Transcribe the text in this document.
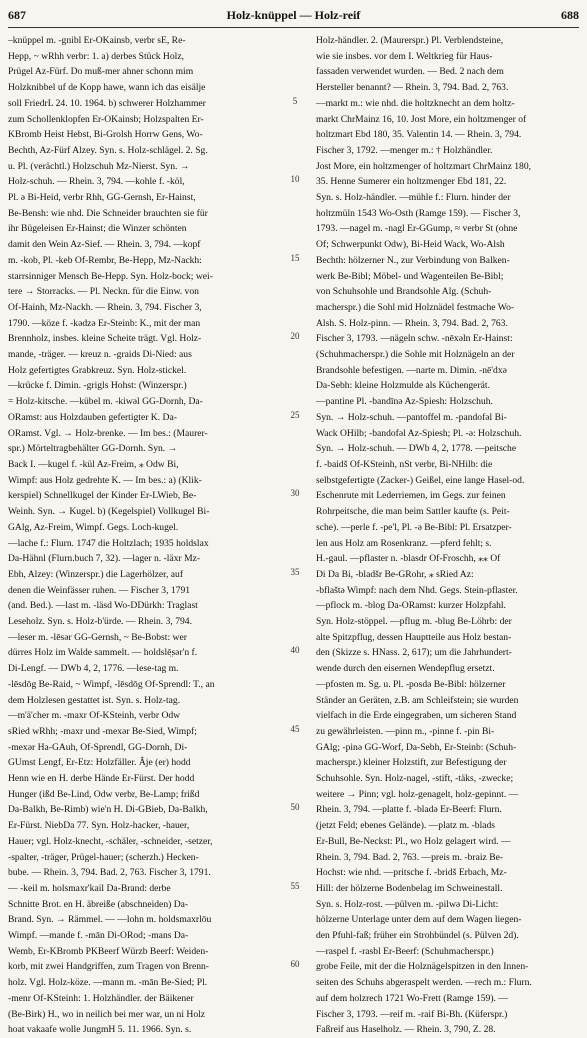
687	Holz-knüppel — Holz-reif	688
–knüppel m. -gnibl Er-OKainsb, verbr sE, Re-
Hepp, ~ wRhh verbr: 1. a) derbes Stück Holz,
Prügel Az-Fürf. Do muß-mer ahner schonn mim
Holzknibbel uf de Kopp hawe, wann ich das eisälje
soll FriedrL 24. 10. 1964. b) schwerer Holzhammer
zum Schollenklopfen Er-OKainsb; Holzspalten Er-
KBromb Heist Hebst, Bi-Grolsh Horrw Gens, Wo-
Bechth, Az-Fürf Alzey. Syn. s. Holz-schlägel. 2. Sg.
u. Pl. (verächtl.) Holzschuh Mz-Nierst. Syn. →
Holz-schuh. — Rhein. 3, 794. —kohle f. -köl,
Pl. ə Bi-Heid, verbr Rhh, GG-Gernsh, Er-Hainst,
Be-Bensh: wie nhd. Die Schneider brauchten sie für
ihr Bügeleisen Er-Hainst; die Winzer schönten
damit den Wein Az-Sief. — Rhein. 3, 794. —kopf
m. -kob, Pl. -keb Of-Rembr, Be-Hepp, Mz-Nackh:
starrsinniger Mensch Be-Hepp. Syn. Holz-bock; wei-
tere → Storracks. — Pl. Neckn. für die Einw. von
Of-Hainh, Mz-Nackh. — Rhein. 3, 794. Fischer 3,
1790. —köze f. -kədzə Er-Steinb: K., mit der man
Brennholz, insbes. kleine Scheite trägt. Vgl. Holz-
mande, -träger. — kreuz n. -graids Di-Nied: aus
Holz gefertigtes Grabkreuz. Syn. Holz-stickel.
—krücke f. Dimin. -grigls Hohst: (Winzerspr.)
= Holz-kitsche. —kübel m. -kiwəl GG-Dornh, Da-
ORamst: aus Holzdauben gefertigter K. Da-
ORamst. Vgl. → Holz-brenke. — Im bes.: (Maurer-
spr.) Mörteltragbehälter GG-Dornh. Syn. →
Back I. —kugel f. -kül Az-Freim, ⁎ Odw Bi,
Wimpf: aus Holz gedrehte K. — Im bes.: a) (Klik-
kerspiel) Schnellkugel der Kinder Er-LWieb, Be-
Weinh. Syn. → Kugel. b) (Kegelspiel) Vollkugel Bi-
GAlg, Az-Freim, Wimpf. Gegs. Loch-kugel.
—lache f.: Flurn. 1747 die Holtzlach; 1935 holdslax
Da-Hähnl (Flurn.buch 7, 32). —lager n. -läxr Mz-
Ebh, Alzey: (Winzerspr.) die Lagerhölzer, auf
denen die Weinfässer ruhen. — Fischer 3, 1791
(and. Bed.). —last m. -läsd Wo-DDürkh: Traglast
Leseholz. Syn. s. Holz-b'ürde. — Rhein. 3, 794.
—leser m. -lēsər GG-Gernsh, ~ Be-Bobst: wer
dürres Holz im Walde sammelt. — holdslē̤sər'n f.
Di-Lengf. — DWb 4, 2, 1776. —lese-tag m.
-lēsdōg Be-Raid, ~ Wimpf, -lēsdōg Of-Sprendl: T., an
dem Holzlesen gestattet ist. Syn. s. Holz-tag.
—m'ä'cher m. -maxr Of-KSteinh, verbr Odw
sRied wRhh; -maxr und -mexər Be-Sied, Wimpf;
-mexər Ha-GAuh, Of-Sprendl, GG-Dornh, Di-
GUmst Lengf, Er-Etz: Holzfäller. Âje (er) hodd
Henn wie en H. derbe Hände Er-Fürst. Der hodd
Hunger (ißd Be-Lind, Odw verbr, Be-Lamp; frißd
Da-Balkh, Be-Rimb) wie'n H. Di-GBieb, Da-Balkh,
Er-Fürst. NiebDa 77. Syn. Holz-hacker, -hauer,
Hauer; vgl. Holz-knecht, -schäler, -schneider, -setzer,
-spalter, -träger, Prügel-hauer; (scherzh.) Hecken-
bube. — Rhein. 3, 794. Bad. 2, 763. Fischer 3, 1791.
— -keil m. holsmaxr'kail Da-Brand: derbe
Schnitte Brot. en H. äbreiße (abschneiden) Da-
Brand. Syn. → Rämmel. — —lohn m. holdsmaxrlōu
Wimpf. —mande f. -mān Di-ORod; -mans Da-
Wemb, Er-KBromb PKBeerf Würzb Beerf: Weiden-
korb, mit zwei Handgriffen, zum Tragen von Brenn-
holz. Vgl. Holz-köze. —mann m. -mān Be-Sied; Pl.
-menr Of-KSteinh: 1. Holzhändler. der Bäikener
(Be-Birk) H., wo in neilich bei mer war, un ni Holz
hoat vakaafe wolle JungmH 5. 11. 1966. Syn. s.
5
10
15
20
25
30
35
40
45
50
55
60
Holz-händler. 2. (Maurerspr.) Pl. Verblendsteine,
wie sie insbes. vor dem I. Weltkrieg für Haus-
fassaden verwendet wurden. — Bed. 2 nach dem
Hersteller benannt? — Rhein. 3, 794. Bad. 2, 763.
—markt m.: wie nhd. die holtzknecht an dem holtz-
markt ChrMainz 16, 10. Jost More, ein holtzmenger of
holtzmart Ebd 180, 35. Valentin 14. — Rhein. 3, 794.
Fischer 3, 1792. —menger m.: † Holzhändler.
Jost More, ein holtzmenger of holtzmart ChrMainz 180,
35. Henne Sumerer ein holtzmenger Ebd 181, 22.
Syn. s. Holz-händler. —mühle f.: Flurn. hinder der
holtzmüln 1543 Wo-Osth (Ramge 159). — Fischer 3,
1793. —nagel m. -nagl Er-GGump, ≈ verbr St (ohne
Of; Schwerpunkt Odw), Bi-Heid Wack, Wo-Alsh
Bechth: hölzerner N., zur Verbindung von Balken-
werk Be-Bibl; Möbel- und Wagenteilen Be-Bibl;
von Schuhsohle und Brandsohle Alg. (Schuh-
macherspr.) die Sohl mid Holznädel festmache Wo-
Alsh. S. Holz-pinn. — Rhein. 3, 794. Bad. 2, 763.
Fischer 3, 1793. —nägeln schw. -nēxəln Er-Hainst:
(Schuhmacherspr.) die Sohle mit Holznägeln an der
Brandsohle befestigen. —narte m. Dimin. -nē'dxə
Da-Sebh: kleine Holzmulde als Küchengerät.
—pantine Pl. -bandīnə Az-Spiesh: Holzschuh.
Syn. → Holz-schuh. —pantoffel m. -pandofəl Bi-
Wack OHilb; -bandofəl Az-Spiesh; Pl. -ə: Holzschuh.
Syn. → Holz-schuh. — DWb 4, 2, 1778. —peitsche
f. -baidš Of-KSteinh, nSt verbr, Bi-NHilb: die
selbstgefertigte (Zacker-) Geißel, eine lange Hasel-od.
Eschenrute mit Lederriemen, im Gegs. zur feinen
Rohrpeitsche, die man beim Sattler kaufte (s. Peit-
sche). —perle f. -pe'l, Pl. -ə Be-Bibl: Pl. Ersatzper-
len aus Holz am Rosenkranz. —pferd fehlt; s.
H.-gaul. —pflaster n. -blasdr Of-Froschh, ⁎⁎ Of
Di Da Bi, -bladšr Be-GRohr, ⁎ sRied Az:
-bflaštə Wimpf: nach dem Nhd. Gegs. Stein-pflaster.
—pflock m. -blog Da-ORamst: kurzer Holzpfahl.
Syn. Holz-stöppel. —pflug m. -blug Be-Löhrb: der
alte Spitzpflug, dessen Hauptteile aus Holz bestan-
den (Skizze s. HNass. 2, 617); um die Jahrhundert-
wende durch den eisernen Wendepflug ersetzt.
—pfosten m. Sg. u. Pl. -posdə Be-Bibl: hölzerner
Ständer an Geräten, z.B. am Schleifstein; sie wurden
vielfach in die Erde eingegraben, um sicheren Stand
zu gewährleisten. —pinn m., -pinne f. -pin Bi-
GAlg; -pinə GG-Worf, Da-Sebh, Er-Steinb: (Schuh-
macherspr.) kleiner Holzstift, zur Befestigung der
Schuhsohle. Syn. Holz-nagel, -stift, -täks, -zwecke;
weitere → Pinn; vgl. holz-genagelt, holz-gepinnt. —
Rhein. 3, 794. —platte f. -bladə Er-Beerf: Flurn.
(jetzt Feld; ebenes Gelände). —platz m. -blads
Er-Bull, Be-Neckst: Pl., wo Holz gelagert wird. —
Rhein. 3, 794. Bad. 2, 763. —preis m. -braiz Be-
Hochst: wie nhd. —pritsche f. -bridš Erbach, Mz-
Hill: der hölzerne Bodenbelag im Schweinestall.
Syn. s. Holz-rost. —pülven m. -pilwə Di-Licht:
hölzerne Unterlage unter dem auf dem Wagen liegen-
den Pfuhl-faß; früher ein Strohbündel (s. Pülven 2d).
—raspel f. -rasbl Er-Beerf: (Schuhmacherspr.)
grobe Feile, mit der die Holznägelspitzen in den Innen-
seiten des Schuhs abgeraspelt werden. —rech m.: Flurn.
auf dem holzrech 1721 Wo-Frett (Ramge 159). —
Fischer 3, 1793. —reif m. -raif Bi-Bh. (Küferspr.)
Faßreif aus Haselholz. — Rhein. 3, 790, Z. 28.
